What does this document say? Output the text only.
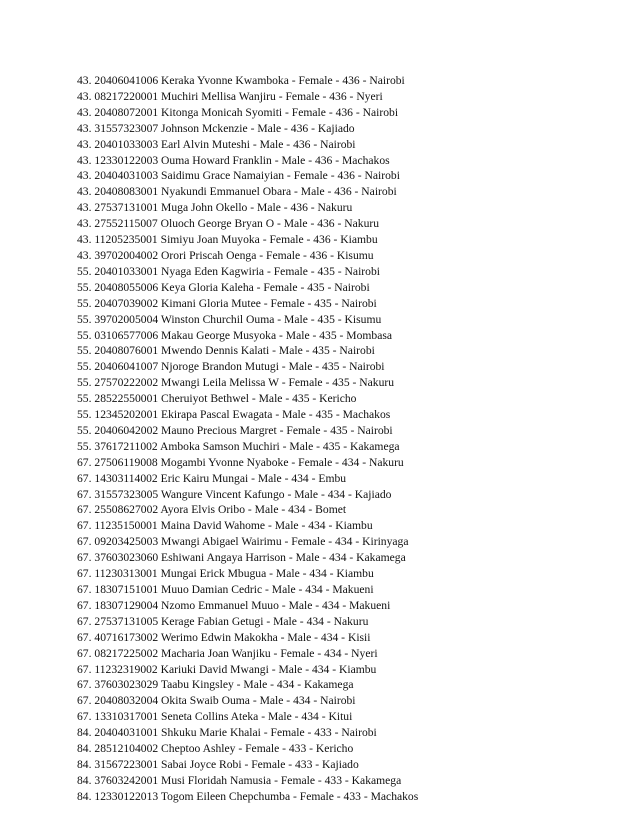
43. 20406041006 Keraka Yvonne Kwamboka - Female - 436 - Nairobi
43. 08217220001 Muchiri Mellisa Wanjiru - Female - 436 - Nyeri
43. 20408072001 Kitonga Monicah Syomiti - Female - 436 - Nairobi
43. 31557323007 Johnson Mckenzie - Male - 436 - Kajiado
43. 20401033003 Earl Alvin Muteshi - Male - 436 - Nairobi
43. 12330122003 Ouma Howard Franklin - Male - 436 - Machakos
43. 20404031003 Saidimu Grace Namaiyian - Female - 436 - Nairobi
43. 20408083001 Nyakundi Emmanuel Obara - Male - 436 - Nairobi
43. 27537131001 Muga John Okello - Male - 436 - Nakuru
43. 27552115007 Oluoch George Bryan O - Male - 436 - Nakuru
43. 11205235001 Simiyu Joan Muyoka - Female - 436 - Kiambu
43. 39702004002 Orori Priscah Oenga - Female - 436 - Kisumu
55. 20401033001 Nyaga Eden Kagwiria - Female - 435 - Nairobi
55. 20408055006 Keya Gloria Kaleha - Female - 435 - Nairobi
55. 20407039002 Kimani Gloria Mutee - Female - 435 - Nairobi
55. 39702005004 Winston Churchil Ouma - Male - 435 - Kisumu
55. 03106577006 Makau George Musyoka - Male - 435 - Mombasa
55. 20408076001 Mwendo Dennis Kalati - Male - 435 - Nairobi
55. 20406041007 Njoroge Brandon Mutugi - Male - 435 - Nairobi
55. 27570222002 Mwangi Leila Melissa W - Female - 435 - Nakuru
55. 28522550001 Cheruiyot Bethwel - Male - 435 - Kericho
55. 12345202001 Ekirapa Pascal Ewagata - Male - 435 - Machakos
55. 20406042002 Mauno Precious Margret - Female - 435 - Nairobi
55. 37617211002 Amboka Samson Muchiri - Male - 435 - Kakamega
67. 27506119008 Mogambi Yvonne Nyaboke - Female - 434 - Nakuru
67. 14303114002 Eric Kairu Mungai - Male - 434 - Embu
67. 31557323005 Wangure Vincent Kafungo - Male - 434 - Kajiado
67. 25508627002 Ayora Elvis Oribo - Male - 434 - Bomet
67. 11235150001 Maina David Wahome - Male - 434 - Kiambu
67. 09203425003 Mwangi Abigael Wairimu - Female - 434 - Kirinyaga
67. 37603023060 Eshiwani Angaya Harrison - Male - 434 - Kakamega
67. 11230313001 Mungai Erick Mbugua - Male - 434 - Kiambu
67. 18307151001 Muuo Damian Cedric - Male - 434 - Makueni
67. 18307129004 Nzomo Emmanuel Muuo - Male - 434 - Makueni
67. 27537131005 Kerage Fabian Getugi - Male - 434 - Nakuru
67. 40716173002 Werimo Edwin Makokha - Male - 434 - Kisii
67. 08217225002 Macharia Joan Wanjiku - Female - 434 - Nyeri
67. 11232319002 Kariuki David Mwangi - Male - 434 - Kiambu
67. 37603023029 Taabu Kingsley - Male - 434 - Kakamega
67. 20408032004 Okita Swaib Ouma - Male - 434 - Nairobi
67. 13310317001 Seneta Collins Ateka - Male - 434 - Kitui
84. 20404031001 Shkuku Marie Khalai - Female - 433 - Nairobi
84. 28512104002 Cheptoo Ashley - Female - 433 - Kericho
84. 31567223001 Sabai Joyce Robi - Female - 433 - Kajiado
84. 37603242001 Musi Floridah Namusia - Female - 433 - Kakamega
84. 12330122013 Togom Eileen Chepchumba - Female - 433 - Machakos
